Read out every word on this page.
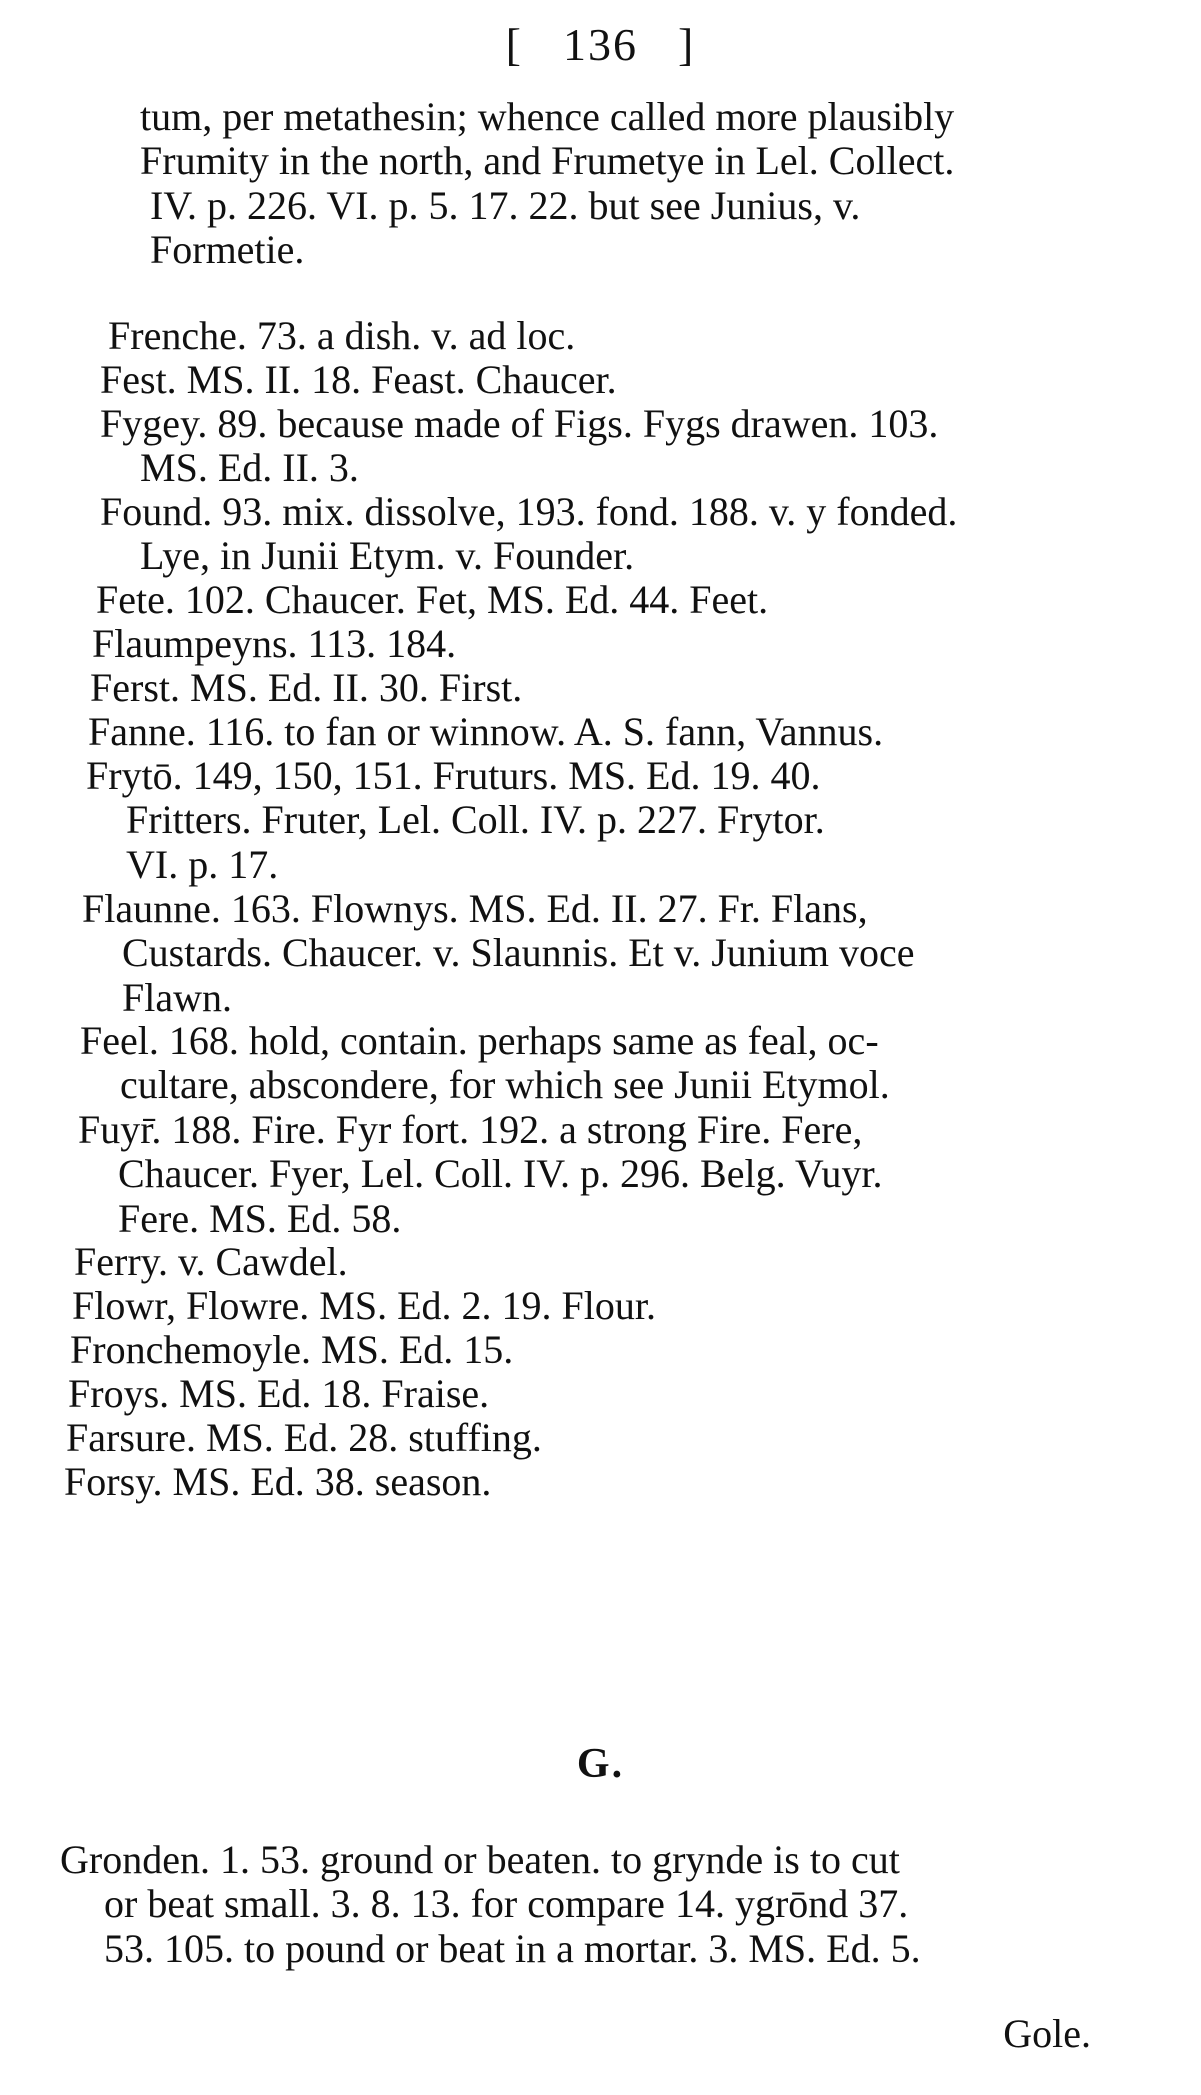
[ 136 ]
tum, per metathesin; whence called more plausibly
Frumity in the north, and Frumetye in Lel. Collect.
IV. p. 226. VI. p. 5. 17. 22. but see Junius, v.
Formetie.
Frenche. 73. a dish. v. ad loc.
Fest. MS. II. 18. Feast. Chaucer.
Fygey. 89. because made of Figs. Fygs drawen. 103.
MS. Ed. II. 3.
Found. 93. mix. dissolve, 193. fond. 188. v. y fonded.
Lye, in Junii Etym. v. Founder.
Fete. 102. Chaucer. Fet, MS. Ed. 44. Feet.
Flaumpeyns. 113. 184.
Ferst. MS. Ed. II. 30. First.
Fanne. 116. to fan or winnow. A. S. fann, Vannus.
Frytō. 149, 150, 151. Fruturs. MS. Ed. 19. 40.
Fritters. Fruter, Lel. Coll. IV. p. 227. Frytor.
VI. p. 17.
Flaunne. 163. Flownys. MS. Ed. II. 27. Fr. Flans,
Custards. Chaucer. v. Slaunnis. Et v. Junium voce
Flawn.
Feel. 168. hold, contain. perhaps same as feal, oc-
cultare, abscondere, for which see Junii Etymol.
Fuyr̄. 188. Fire. Fyr fort. 192. a strong Fire. Fere,
Chaucer. Fyer, Lel. Coll. IV. p. 296. Belg. Vuyr.
Fere. MS. Ed. 58.
Ferry. v. Cawdel.
Flowr, Flowre. MS. Ed. 2. 19. Flour.
Fronchemoyle. MS. Ed. 15.
Froys. MS. Ed. 18. Fraise.
Farsure. MS. Ed. 28. stuffing.
Forsy. MS. Ed. 38. season.
G.
Gronden. 1. 53. ground or beaten. to grynde is to cut
or beat small. 3. 8. 13. for compare 14. ygrōnd 37.
53. 105. to pound or beat in a mortar. 3. MS. Ed. 5.
Gole.
